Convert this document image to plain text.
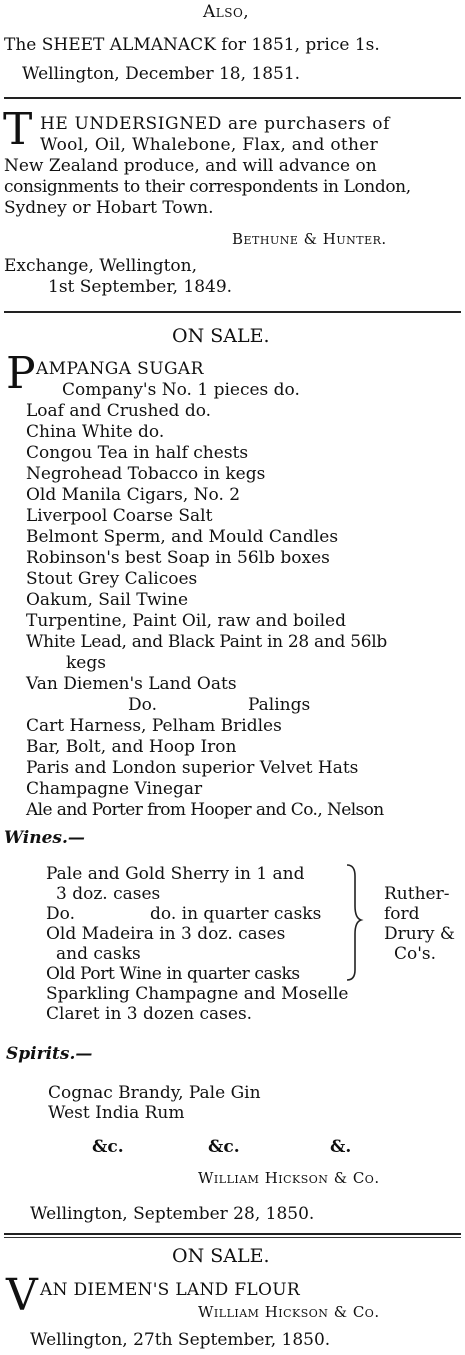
Also,
The SHEET ALMANACK for 1851, price 1s.
Wellington, December 18, 1851.
T HE UNDERSIGNED are purchasers of
Wool, Oil, Whalebone, Flax, and other
New Zealand produce, and will advance on
consignments to their correspondents in London,
Sydney or Hobart Town.
Bethune & Hunter.
Exchange, Wellington,
1st September, 1849.
ON SALE.
P AMPANGA SUGAR
Company's No. 1 pieces do.
Loaf and Crushed do.
China White do.
Congou Tea in half chests
Negrohead Tobacco in kegs
Old Manila Cigars, No. 2
Liverpool Coarse Salt
Belmont Sperm, and Mould Candles
Robinson's best Soap in 56lb boxes
Stout Grey Calicoes
Oakum, Sail Twine
Turpentine, Paint Oil, raw and boiled
White Lead, and Black Paint in 28 and 56lb
kegs
Van Diemen's Land Oats
Do.	Palings
Cart Harness, Pelham Bridles
Bar, Bolt, and Hoop Iron
Paris and London superior Velvet Hats
Champagne Vinegar
Ale and Porter from Hooper and Co., Nelson
Wines.—
Pale and Gold Sherry in 1 and
3 doz. cases
Do.	do. in quarter casks
Old Madeira in 3 doz. cases
and casks
Old Port Wine in quarter casks
Sparkling Champagne and Moselle
Claret in 3 dozen cases.
Ruther-
ford
Drury &
Co's.
Spirits.—
Cognac Brandy, Pale Gin
West India Rum
&c.	&c.	&.
William Hickson & Co.
Wellington, September 28, 1850.
ON SALE.
V AN DIEMEN'S LAND FLOUR
William Hickson & Co.
Wellington, 27th September, 1850.
